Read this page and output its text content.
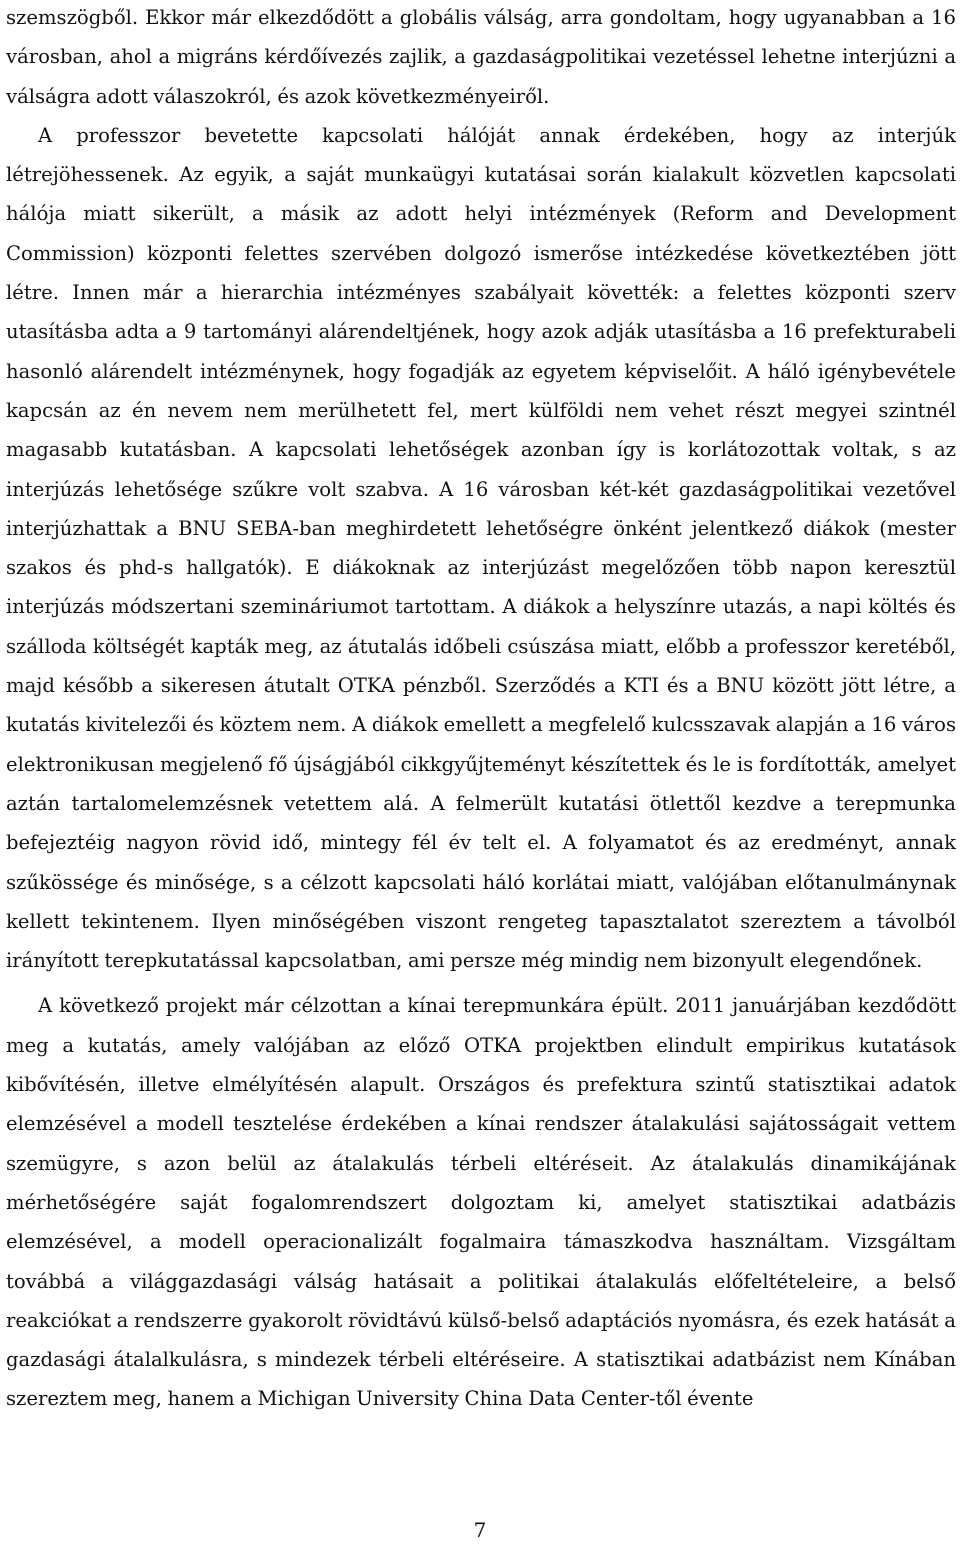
szemszögből. Ekkor már elkezdődött a globális válság, arra gondoltam, hogy ugyanabban a 16 városban, ahol a migráns kérdőívezés zajlik, a gazdaságpolitikai vezetéssel lehetne interjúzni a válságra adott válaszokról, és azok következményeiről.

A professzor bevetette kapcsolati hálóját annak érdekében, hogy az interjúk létrejöhessenek. Az egyik, a saját munkaügyi kutatásai során kialakult közvetlen kapcsolati hálója miatt sikerült, a másik az adott helyi intézmények (Reform and Development Commission) központi felettes szervében dolgozó ismerőse intézkedése következtében jött létre. Innen már a hierarchia intézményes szabályait követték: a felettes központi szerv utasításba adta a 9 tartományi alárendeltjének, hogy azok adják utasításba a 16 prefekturabeli hasonló alárendelt intézménynek, hogy fogadják az egyetem képviselőit. A háló igénybevétele kapcsán az én nevem nem merülhetett fel, mert külföldi nem vehet részt megyei szintnél magasabb kutatásban. A kapcsolati lehetőségek azonban így is korlátozottak voltak, s az interjúzás lehetősége szűkre volt szabva. A 16 városban két-két gazdaságpolitikai vezetővel interjúzhattak a BNU SEBA-ban meghirdetett lehetőségre önként jelentkező diákok (mester szakos és phd-s hallgatók). E diákoknak az interjúzást megelőzően több napon keresztül interjúzás módszertani szemináriumot tartottam. A diákok a helyszínre utazás, a napi költés és szálloda költségét kapták meg, az átutalás időbeli csúszása miatt, előbb a professzor keretéből, majd később a sikeresen átutalt OTKA pénzből. Szerződés a KTI és a BNU között jött létre, a kutatás kivitelezői és köztem nem. A diákok emellett a megfelelő kulcsszavak alapján a 16 város elektronikusan megjelenő fő újságjából cikkgyűjteményt készítettek és le is fordították, amelyet aztán tartalomelemzésnek vetettem alá. A felmerült kutatási ötlettől kezdve a terepmunka befejeztéig nagyon rövid idő, mintegy fél év telt el. A folyamatot és az eredményt, annak szűkössége és minősége, s a célzott kapcsolati háló korlátai miatt, valójában előtanulmánynak kellett tekintenem. Ilyen minőségében viszont rengeteg tapasztalatot szereztem a távolból irányított terepkutatással kapcsolatban, ami persze még mindig nem bizonyult elegendőnek.

A következő projekt már célzottan a kínai terepmunkára épült. 2011 januárjában kezdődött meg a kutatás, amely valójában az előző OTKA projektben elindult empirikus kutatások kibővítésén, illetve elmélyítésén alapult. Országos és prefektura szintű statisztikai adatok elemzésével a modell tesztelése érdekében a kínai rendszer átalakulási sajátosságait vettem szemügyre, s azon belül az átalakulás térbeli eltéréseit. Az átalakulás dinamikájának mérhetőségére saját fogalomrendszert dolgoztam ki, amelyet statisztikai adatbázis elemzésével, a modell operacionalizált fogalmaira támaszkodva használtam. Vizsgáltam továbbá a világgazdasági válság hatásait a politikai átalakulás előfeltételeire, a belső reakciókat a rendszerre gyakorolt rövidtávú külső-belső adaptációs nyomásra, és ezek hatását a gazdasági átalalkulásra, s mindezek térbeli eltéréseire. A statisztikai adatbázist nem Kínában szereztem meg, hanem a Michigan University China Data Center-től évente

7
